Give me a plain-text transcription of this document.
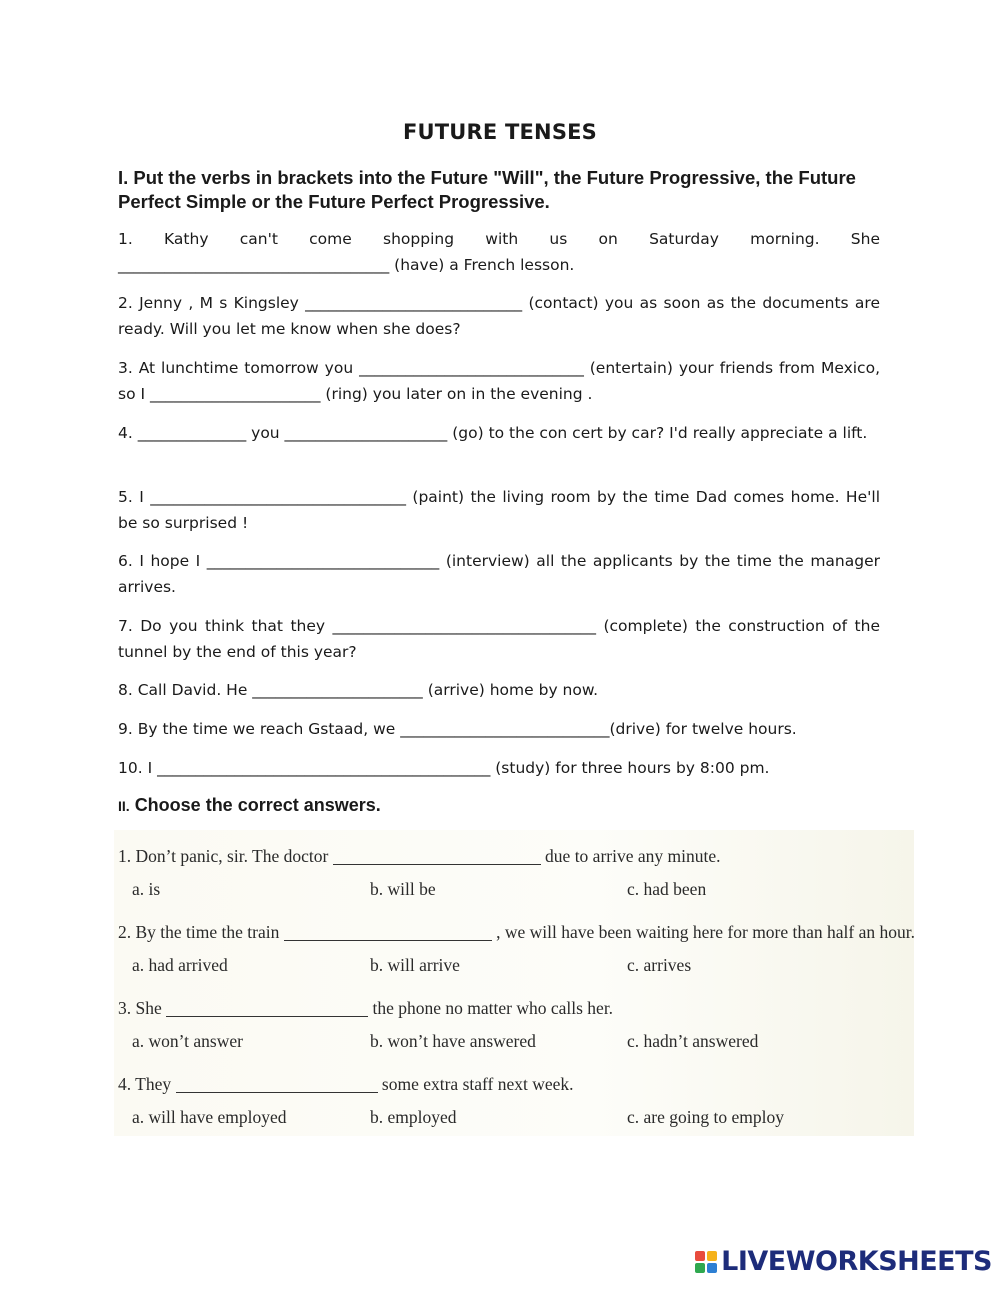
FUTURE TENSES
I. Put the verbs in brackets into the Future "Will", the Future Progressive, the Future Perfect Simple or the Future Perfect Progressive.
1. Kathy can't come shopping with us on Saturday morning. She ___________________________________ (have) a French lesson.
2. Jenny , M s Kingsley ____________________________ (contact) you as soon as the documents are ready. Will you let me know when she does?
3. At lunchtime tomorrow you _____________________________ (entertain) your friends from Mexico, so I ______________________ (ring) you later on in the evening .
4. ______________ you _____________________ (go) to the con cert by car? I'd really appreciate a lift.
5. I _________________________________ (paint) the living room by the time Dad comes home. He'll be so surprised !
6. I hope I ______________________________ (interview) all the applicants by the time the manager arrives.
7. Do you think that they __________________________________ (complete) the construction of the tunnel by the end of this year?
8. Call David. He ______________________ (arrive) home by now.
9. By the time we reach Gstaad, we ___________________________(drive) for twelve hours.
10. I ___________________________________________ (study) for three hours by 8:00 pm.
II. Choose the correct answers.
1. Don’t panic, sir. The doctor	due to arrive any minute.
a. is	b. will be	c. had been
2. By the time the train	, we will have been waiting here for more than half an hour.
a. had arrived	b. will arrive	c. arrives
3. She	the phone no matter who calls her.
a. won’t answer	b. won’t have answered	c. hadn’t answered
4. They	some extra staff next week.
a. will have employed	b. employed	c. are going to employ
LIVEWORKSHEETS
